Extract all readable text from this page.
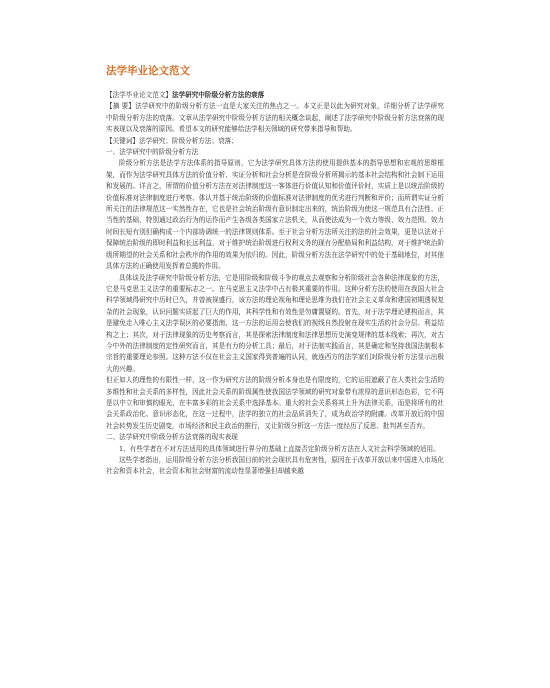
法学毕业论文范文

【法学毕业论文范文】法学研究中阶级分析方法的衰落

【摘 要】法学研究中的阶级分析方法一直是大家关注的焦点之一。本文正是以此为研究对象，详细分析了法学研究中阶级分析方法的衰落。文章从法学研究中阶级分析方法的相关概念谈起，阐述了法学研究中阶级分析方法衰落的现实表现以及衰落的原因。希望本文的研究能够给法学相关领域的研究带来指导和帮助。

【关键词】法学研究；阶级分析方法；衰落；

一、法学研究中的阶级分析方法

阶级分析方法是法学方法体系的指导原则，它为法学研究具体方法的使用提供基本的指导思想和宏观的思维框架，而作为法学研究具体方法的价值分析、实证分析和社会分析是在阶级分析所揭示的基本社会结构和社会制下运用和发展的。详言之，所谓的价值分析方法在对法律制度这一客体进行价值认知和价值评价时，实质上是以统治阶级的价值标准对法律制度进行考察、体认并基于统治阶级的价值标准对法律制度的优劣进行判断和评价；而所谓实证分析所关注的法律规范这一实然性存在，它也是社会统治阶级有意识制定出来的，统治阶级为使这一规范具有合法性、正当性的基础，特别通过政治行为的运作而产生各级各类国家立法机关，从而使法成为一个效力等级、效力范围、效力时间长短有别但确构成一个内部协调统一的法律规则体系。至于社会分析方法所关注的法的社会效果，更是以法对于保障统治阶级的即时利益和长远利益，对于维护统治阶级进行权利义务的现有分配格局和利益结构，对于维护统治阶级所期望的社会关系和社会秩序的作用的效果为依归的。因此，阶级分析方法在法学研究中的处于基础地位，对其他具体方法的正确使用发挥着总揽的作用。

具体谈及法学研究中阶级分析方法，它是用阶级和阶级斗争的观点去观察和分析阶级社会各种法律现象的方法，它是马克思主义法学的重要标志之一。在马克思主义法学中占有极其重要的作用。这种分析方法的使用在我国大社会科学领域得研究中历时已久，并曾被视盛行，该方法的理论视角和理论思维为我们在社会主义革命和建国初期透视复杂的社会现象，认识问题实质起了巨大的作用，其科学性和有效性是勿庸置疑的。首先，对于法学理论建构而言，其是避免走入唯心主义法学误区的必要指南，这一方法的运用会使我们的视线自然投射在现实生活的社会分层、利益结构之上；其次，对于法律现象的历史考察而言，其是探索法律制度和法律思想历史演变规律的基本线索；再次，对古今中外的法律制度的定性研究而言，其是有力的分析工具；最后，对于法制实践而言，其是确定和坚持我国法制根本宗旨的重要理论参照。这种方法不仅在社会主义国家得到普遍的认同，就连西方的法学家们对阶级分析方法显示出极大的兴趣。

但正如人的理性的有限性一样，这一作为研究方法的阶级分析本身也是有限度的，它的运用遮蔽了在人类社会生活的多维性和社会关系的多样性，因此社会关系的阶级属性使我国法学领域的研究对象带有浓厚的意识形态色彩，它不再是以中立和审慎的眼光，在丰富多彩的社会关系中选择基本。重大的社会关系将其上升为法律关系，而是将所有的社会关系政治化、意识形态化，在这一过程中，法学的独立的社会品质消失了，成为政治学的附庸。改革开放后的中国社会转势发生历史剧变，市场经济和民主政治的推行，又让阶级分析这一方法一度经历了反思、批判甚至否弃。

二、法学研究中阶级分析方法衰落的现实表现

1、有些学者在不对方法适用的具体领域进行界分的基础上直接否定阶级分析方法在人文社会科学领域的适用。

这些学者指出，运用阶级分析方法分析我国目前的社会现状具有危害性，原因在于改革开放以来中国进入市场化社会和资本社会，社会资本和社会财富的流动性显著增强但却越来越
